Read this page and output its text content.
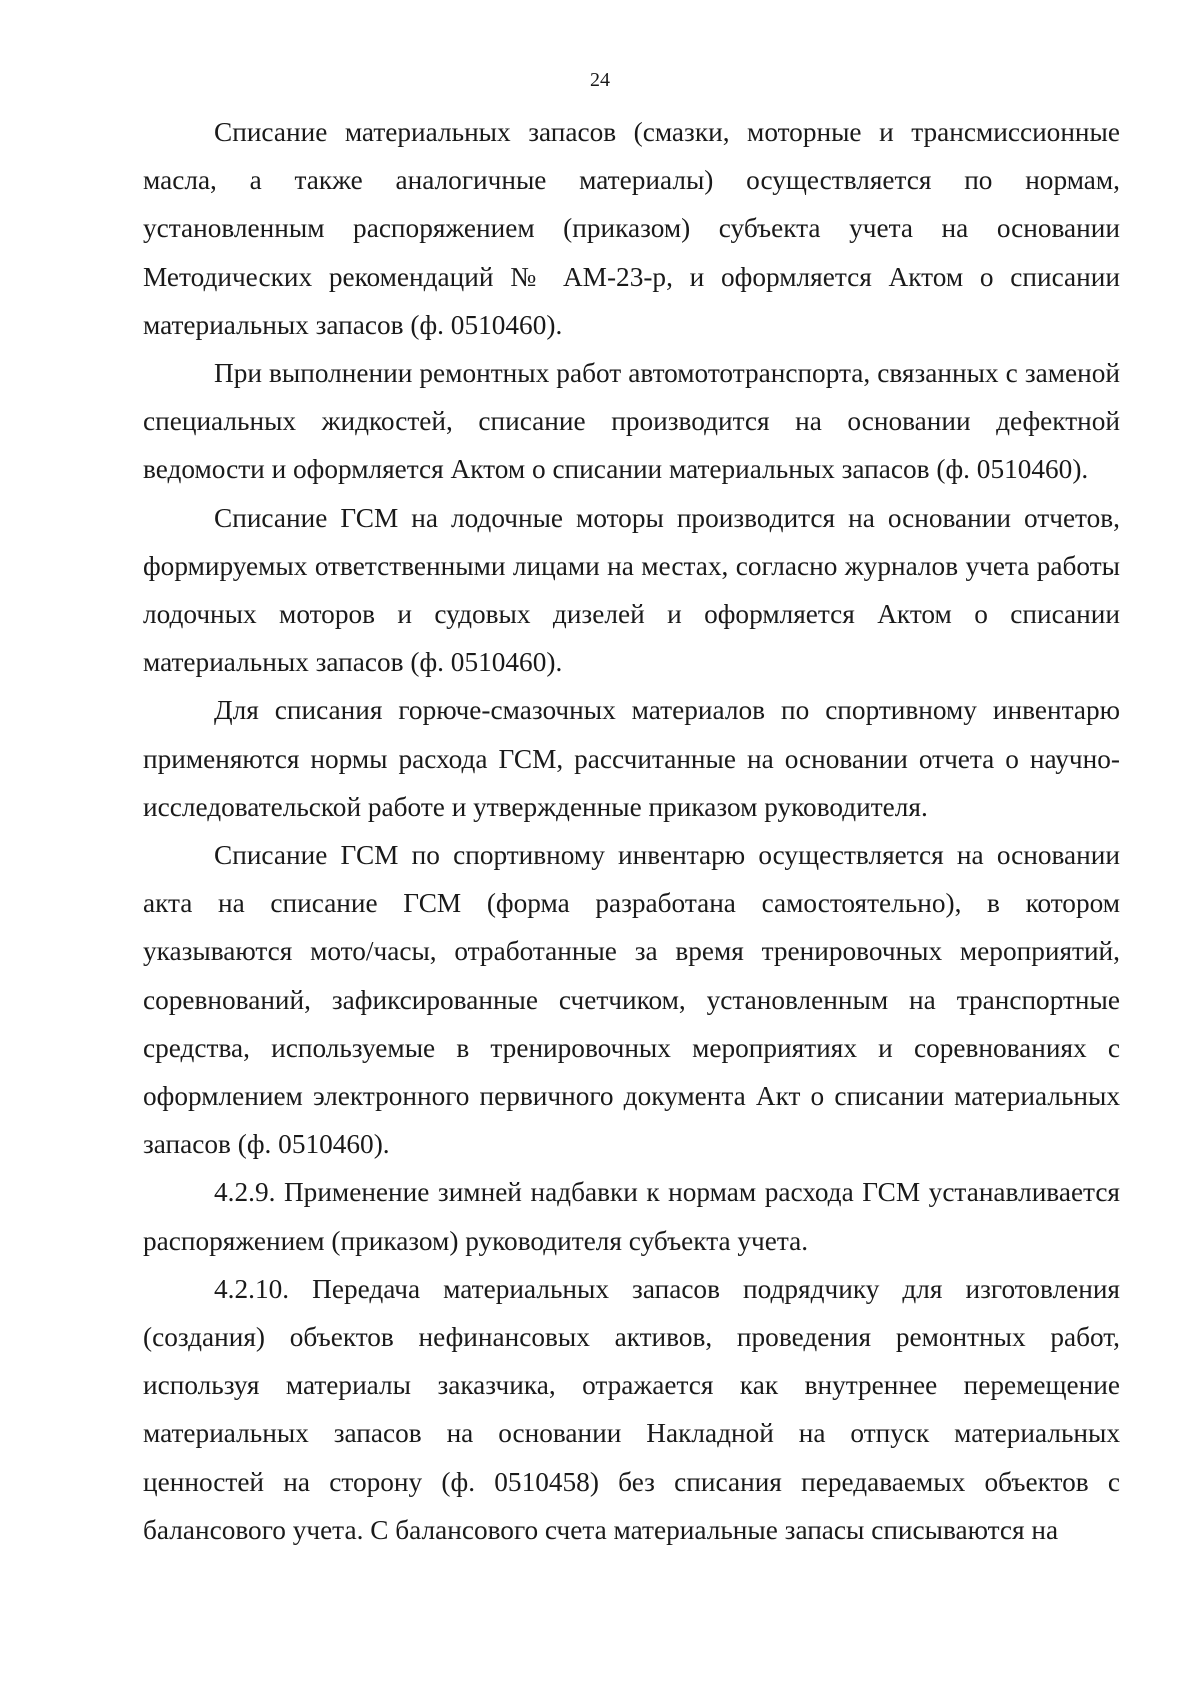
24

Списание материальных запасов (смазки, моторные и трансмиссионные масла, а также аналогичные материалы) осуществляется по нормам, установленным распоряжением (приказом) субъекта учета на основании Методических рекомендаций № АМ-23-р, и оформляется Актом о списании материальных запасов (ф. 0510460).

При выполнении ремонтных работ автомототранспорта, связанных с заменой специальных жидкостей, списание производится на основании дефектной ведомости и оформляется Актом о списании материальных запасов (ф. 0510460).

Списание ГСМ на лодочные моторы производится на основании отчетов, формируемых ответственными лицами на местах, согласно журналов учета работы лодочных моторов и судовых дизелей и оформляется Актом о списании материальных запасов (ф. 0510460).

Для списания горюче-смазочных материалов по спортивному инвентарю применяются нормы расхода ГСМ, рассчитанные на основании отчета о научно-исследовательской работе и утвержденные приказом руководителя.

Списание ГСМ по спортивному инвентарю осуществляется на основании акта на списание ГСМ (форма разработана самостоятельно), в котором указываются мото/часы, отработанные за время тренировочных мероприятий, соревнований, зафиксированные счетчиком, установленным на транспортные средства, используемые в тренировочных мероприятиях и соревнованиях с оформлением электронного первичного документа Акт о списании материальных запасов (ф. 0510460).

4.2.9. Применение зимней надбавки к нормам расхода ГСМ устанавливается распоряжением (приказом) руководителя субъекта учета.

4.2.10. Передача материальных запасов подрядчику для изготовления (создания) объектов нефинансовых активов, проведения ремонтных работ, используя материалы заказчика, отражается как внутреннее перемещение материальных запасов на основании Накладной на отпуск материальных ценностей на сторону (ф. 0510458) без списания передаваемых объектов с балансового учета. С балансового счета материальные запасы списываются на
